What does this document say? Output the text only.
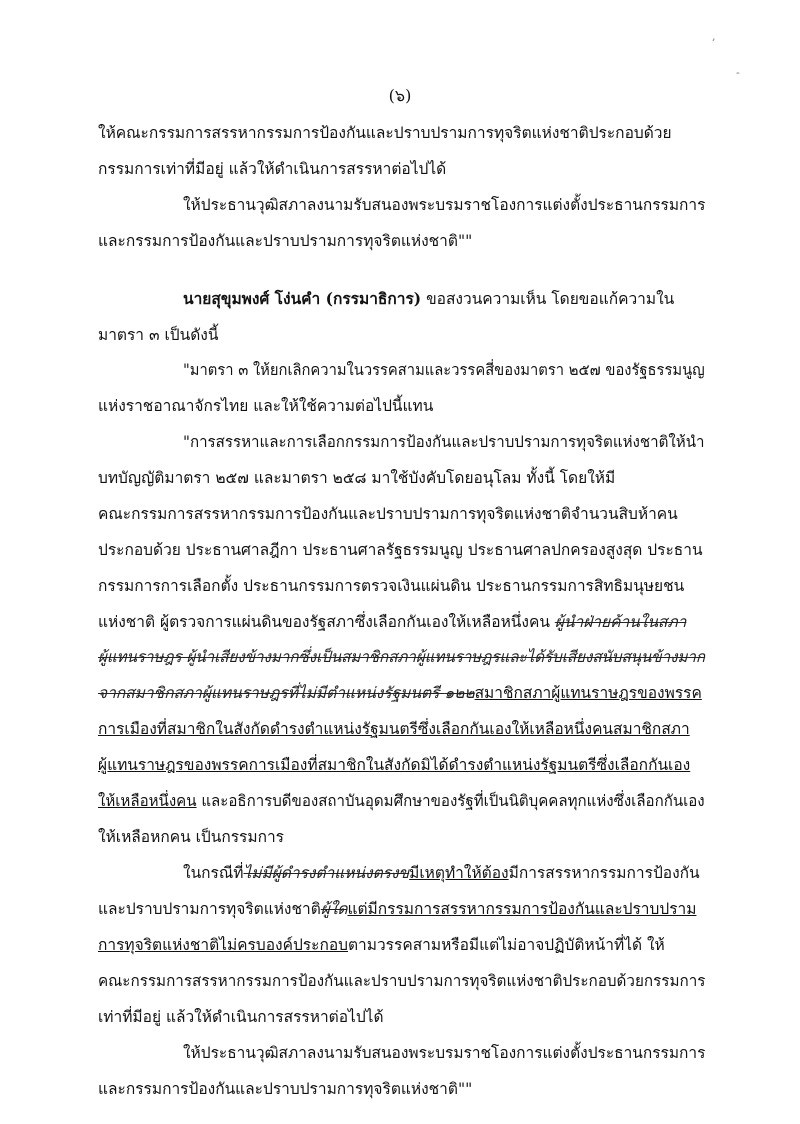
,
-
(๖)
ให้คณะกรรมการสรรหากรรมการป้องกันและปราบปรามการทุจริตแห่งชาติประกอบด้วย
กรรมการเท่าที่มีอยู่ แล้วให้ดำเนินการสรรหาต่อไปได้
ให้ประธานวุฒิสภาลงนามรับสนองพระบรมราชโองการแต่งตั้งประธานกรรมการ
และกรรมการป้องกันและปราบปรามการทุจริตแห่งชาติ""
นายสุขุมพงศ์ โง่นคำ (กรรมาธิการ) ขอสงวนความเห็น โดยขอแก้ความใน
มาตรา ๓ เป็นดังนี้
"มาตรา ๓ ให้ยกเลิกความในวรรคสามและวรรคสี่ของมาตรา ๒๕๗ ของรัฐธรรมนูญ
แห่งราชอาณาจักรไทย และให้ใช้ความต่อไปนี้แทน
"การสรรหาและการเลือกกรรมการป้องกันและปราบปรามการทุจริตแห่งชาติให้นำ
บทบัญญัติมาตรา ๒๕๗ และมาตรา ๒๕๘ มาใช้บังคับโดยอนุโลม ทั้งนี้ โดยให้มี
คณะกรรมการสรรหากรรมการป้องกันและปราบปรามการทุจริตแห่งชาติจำนวนสิบห้าคน
ประกอบด้วย ประธานศาลฎีกา ประธานศาลรัฐธรรมนูญ ประธานศาลปกครองสูงสุด ประธาน
กรรมการการเลือกตั้ง ประธานกรรมการตรวจเงินแผ่นดิน ประธานกรรมการสิทธิมนุษยชน
แห่งชาติ ผู้ตรวจการแผ่นดินของรัฐสภาซึ่งเลือกกันเองให้เหลือหนึ่งคน ผู้นำฝ่ายค้านในสภา
ผู้แทนราษฎร ผู้นำเสียงข้างมากซึ่งเป็นสมาชิกสภาผู้แทนราษฎรและได้รับเสียงสนับสนุนข้างมาก
จากสมาชิกสภาผู้แทนราษฎรที่ไม่มีตำแหน่งรัฐมนตรี ๑๒๒สมาชิกสภาผู้แทนราษฎรของพรรค
การเมืองที่สมาชิกในสังกัดดำรงตำแหน่งรัฐมนตรีซึ่งเลือกกันเองให้เหลือหนึ่งคนสมาชิกสภา
ผู้แทนราษฎรของพรรคการเมืองที่สมาชิกในสังกัดมิได้ดำรงตำแหน่งรัฐมนตรีซึ่งเลือกกันเอง
ให้เหลือหนึ่งคน และอธิการบดีของสถาบันอุดมศึกษาของรัฐที่เป็นนิติบุคคลทุกแห่งซึ่งเลือกกันเอง
ให้เหลือหกคน เป็นกรรมการ
ในกรณีที่ไม่มีผู้ดำรงตำแหน่งตรงขมีเหตุทำให้ต้องมีการสรรหากรรมการป้องกัน
และปราบปรามการทุจริตแห่งชาติผู้ใดแต่มีกรรมการสรรหากรรมการป้องกันและปราบปราม
การทุจริตแห่งชาติไม่ครบองค์ประกอบตามวรรคสามหรือมีแต่ไม่อาจปฏิบัติหน้าที่ได้ ให้
คณะกรรมการสรรหากรรมการป้องกันและปราบปรามการทุจริตแห่งชาติประกอบด้วยกรรมการ
เท่าที่มีอยู่ แล้วให้ดำเนินการสรรหาต่อไปได้
ให้ประธานวุฒิสภาลงนามรับสนองพระบรมราชโองการแต่งตั้งประธานกรรมการ
และกรรมการป้องกันและปราบปรามการทุจริตแห่งชาติ""
